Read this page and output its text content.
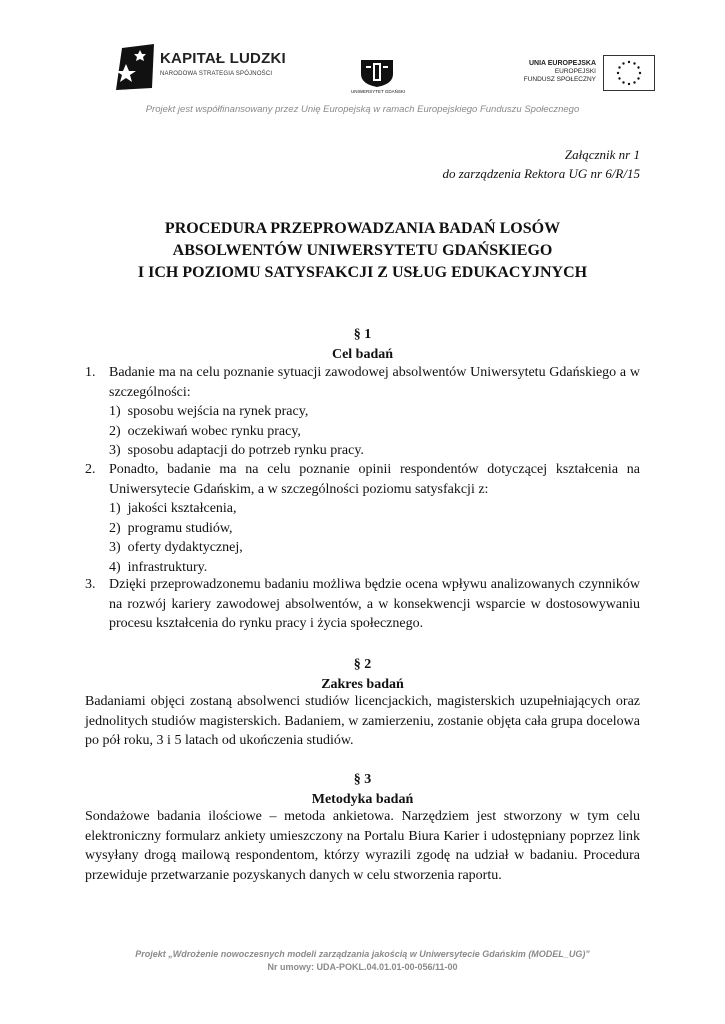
KAPITAŁ LUDZKI
NARODOWA STRATEGIA SPÓJNOŚCI
UNIWERSYTET GDAŃSKI
UNIA EUROPEJSKA
EUROPEJSKI
FUNDUSZ SPOŁECZNY
Projekt jest współfinansowany przez Unię Europejską w ramach Europejskiego Funduszu Społecznego
Załącznik nr 1
do zarządzenia Rektora UG nr 6/R/15
PROCEDURA PRZEPROWADZANIA BADAŃ LOSÓW
ABSOLWENTÓW UNIWERSYTETU GDAŃSKIEGO
I ICH POZIOMU SATYSFAKCJI Z USŁUG EDUKACYJNYCH
§ 1
Cel badań
1. Badanie ma na celu poznanie sytuacji zawodowej absolwentów Uniwersytetu Gdańskiego a w szczególności:
1) sposobu wejścia na rynek pracy,
2) oczekiwań wobec rynku pracy,
3) sposobu adaptacji do potrzeb rynku pracy.
2. Ponadto, badanie ma na celu poznanie opinii respondentów dotyczącej kształcenia na Uniwersytecie Gdańskim, a w szczególności poziomu satysfakcji z:
1) jakości kształcenia,
2) programu studiów,
3) oferty dydaktycznej,
4) infrastruktury.
3. Dzięki przeprowadzonemu badaniu możliwa będzie ocena wpływu analizowanych czynników na rozwój kariery zawodowej absolwentów, a w konsekwencji wsparcie w dostosowywaniu procesu kształcenia do rynku pracy i życia społecznego.
§ 2
Zakres badań
Badaniami objęci zostaną absolwenci studiów licencjackich, magisterskich uzupełniających oraz jednolitych studiów magisterskich. Badaniem, w zamierzeniu, zostanie objęta cała grupa docelowa po pół roku, 3 i 5 latach od ukończenia studiów.
§ 3
Metodyka badań
Sondażowe badania ilościowe – metoda ankietowa. Narzędziem jest stworzony w tym celu elektroniczny formularz ankiety umieszczony na Portalu Biura Karier i udostępniany poprzez link wysyłany drogą mailową respondentom, którzy wyrazili zgodę na udział w badaniu. Procedura przewiduje przetwarzanie pozyskanych danych w celu stworzenia raportu.
Projekt „Wdrożenie nowoczesnych modeli zarządzania jakością w Uniwersytecie Gdańskim (MODEL_UG)”
Nr umowy: UDA-POKL.04.01.01-00-056/11-00
